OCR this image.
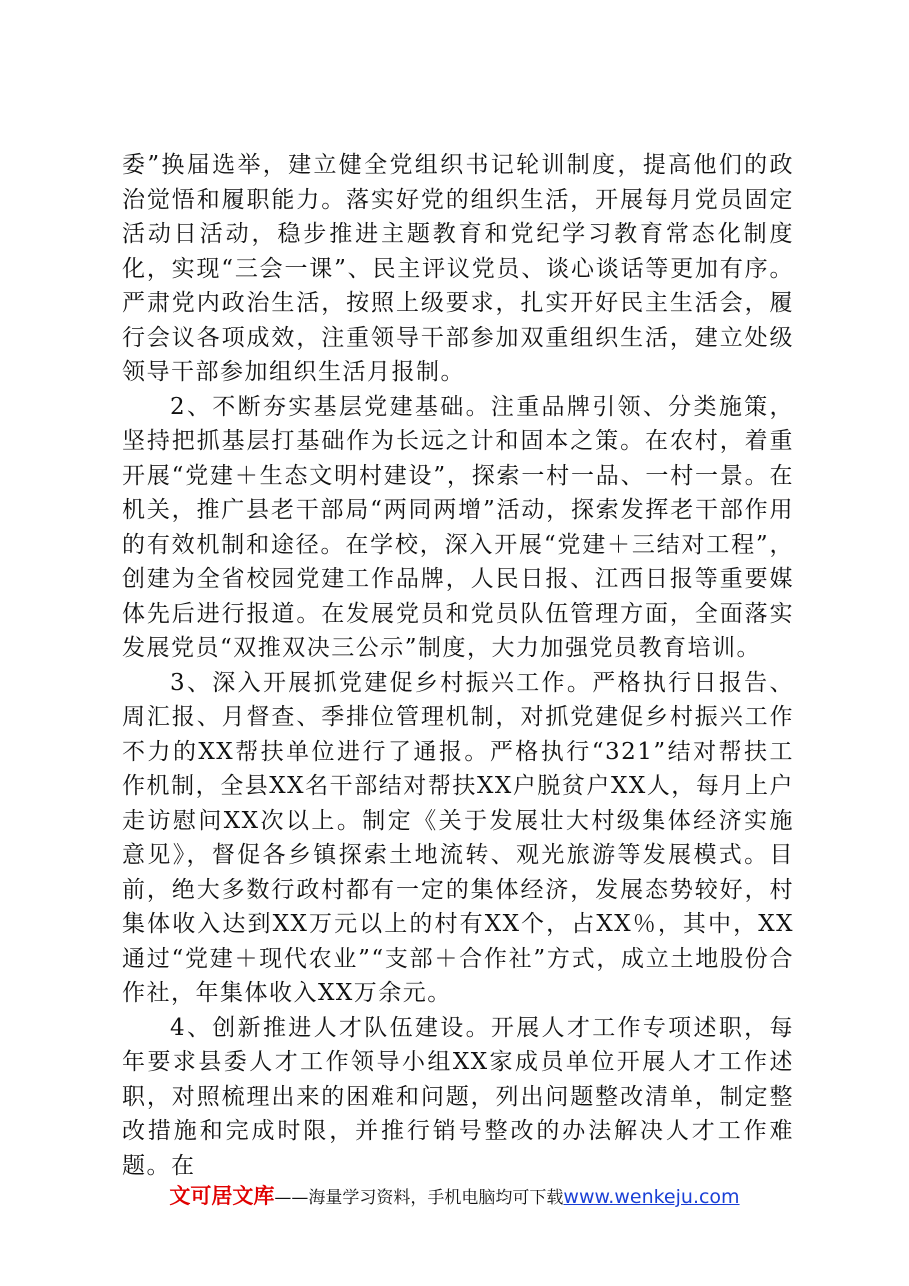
委”换届选举，建立健全党组织书记轮训制度，提高他们的政治觉悟和履职能力。落实好党的组织生活，开展每月党员固定活动日活动，稳步推进主题教育和党纪学习教育常态化制度化，实现“三会一课”、民主评议党员、谈心谈话等更加有序。严肃党内政治生活，按照上级要求，扎实开好民主生活会，履行会议各项成效，注重领导干部参加双重组织生活，建立处级领导干部参加组织生活月报制。

2、不断夯实基层党建基础。注重品牌引领、分类施策，坚持把抓基层打基础作为长远之计和固本之策。在农村，着重开展“党建＋生态文明村建设”，探索一村一品、一村一景。在机关，推广县老干部局“两同两增”活动，探索发挥老干部作用的有效机制和途径。在学校，深入开展“党建＋三结对工程”，创建为全省校园党建工作品牌，人民日报、江西日报等重要媒体先后进行报道。在发展党员和党员队伍管理方面，全面落实发展党员“双推双决三公示”制度，大力加强党员教育培训。

3、深入开展抓党建促乡村振兴工作。严格执行日报告、周汇报、月督查、季排位管理机制，对抓党建促乡村振兴工作不力的XX帮扶单位进行了通报。严格执行“321”结对帮扶工作机制，全县XX名干部结对帮扶XX户脱贫户XX人，每月上户走访慰问XX次以上。制定《关于发展壮大村级集体经济实施意见》，督促各乡镇探索土地流转、观光旅游等发展模式。目前，绝大多数行政村都有一定的集体经济，发展态势较好，村集体收入达到XX万元以上的村有XX个，占XX％，其中，XX通过“党建＋现代农业”“支部＋合作社”方式，成立土地股份合作社，年集体收入XX万余元。

4、创新推进人才队伍建设。开展人才工作专项述职，每年要求县委人才工作领导小组XX家成员单位开展人才工作述职，对照梳理出来的困难和问题，列出问题整改清单，制定整改措施和完成时限，并推行销号整改的办法解决人才工作难题。在

文可居文库——海量学习资料，手机电脑均可下载www.wenkeju.com
